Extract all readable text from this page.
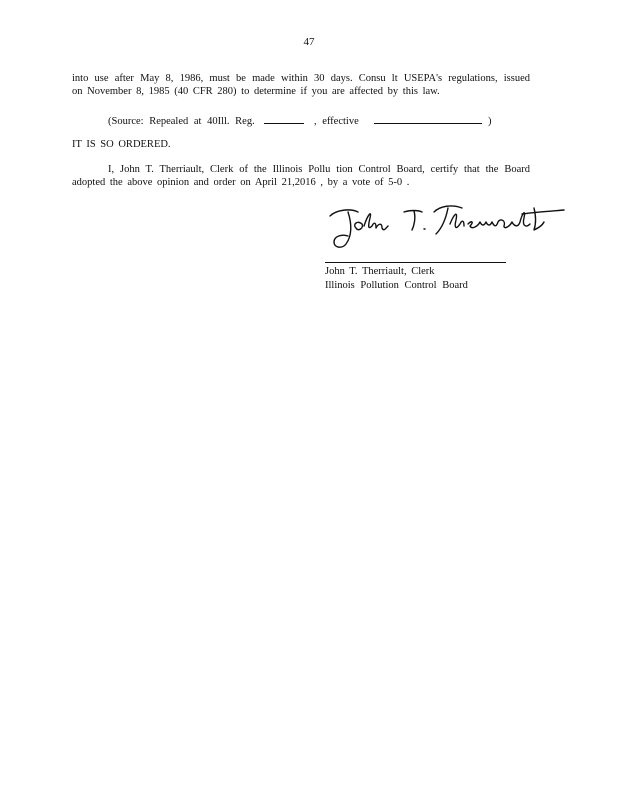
47
into use after May 8, 1986, must be made within 30 days. Consu lt USEPA's regulations, issued
on November 8, 1985 (40 CFR 280) to determine if you are affected by this law.
(Source: Repealed at 40Ill. Reg.	, effective	)
IT IS SO ORDERED.
I, John T. Therriault, Clerk of the Illinois Pollu tion Control Board, certify that the Board
adopted the above opinion and order on April 21,2016 , by a vote of 5-0 .
John T. Therriault, Clerk
Illinois Pollution Control Board
